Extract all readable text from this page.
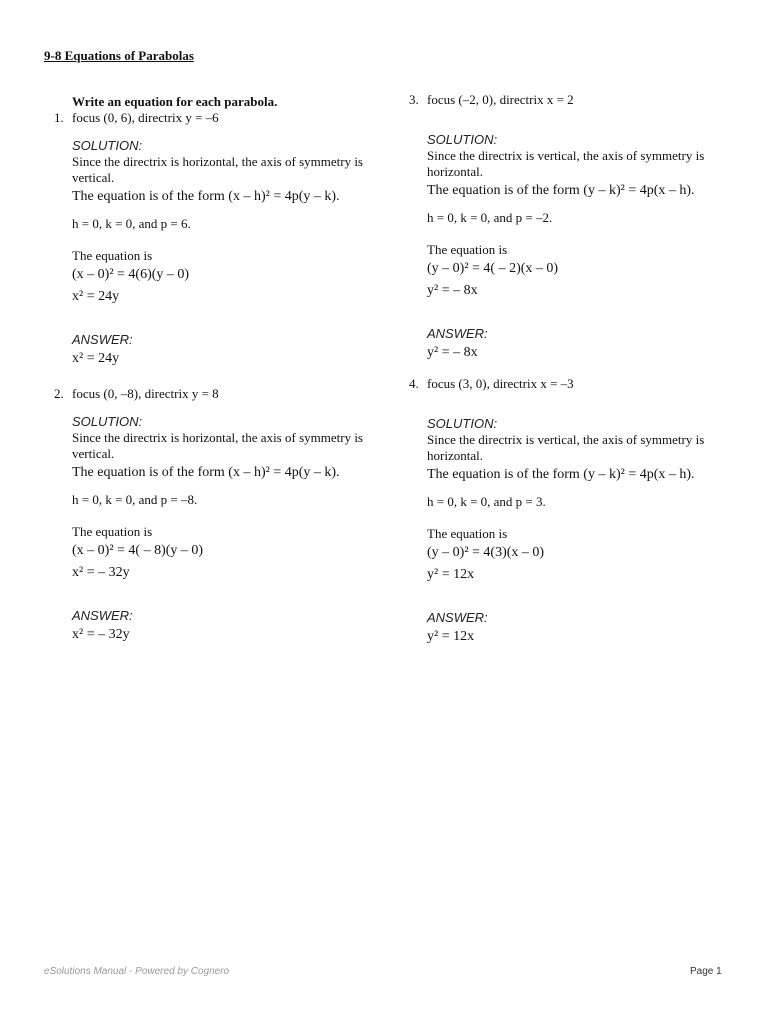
9-8 Equations of Parabolas
Write an equation for each parabola.
1. focus (0, 6), directrix y = –6
SOLUTION:
Since the directrix is horizontal, the axis of symmetry is vertical.
The equation is of the form (x – h)² = 4p(y – k).
h = 0, k = 0, and p = 6.
The equation is
(x – 0)² = 4(6)(y – 0)
x² = 24y
ANSWER:
x² = 24y
2. focus (0, –8), directrix y = 8
SOLUTION:
Since the directrix is horizontal, the axis of symmetry is vertical.
The equation is of the form (x – h)² = 4p(y – k).
h = 0, k = 0, and p = –8.
The equation is
(x – 0)² = 4( – 8)(y – 0)
x² = – 32y
ANSWER:
x² = – 32y
3. focus (–2, 0), directrix x = 2
SOLUTION:
Since the directrix is vertical, the axis of symmetry is horizontal.
The equation is of the form (y – k)² = 4p(x – h).
h = 0, k = 0, and p = –2.
The equation is
(y – 0)² = 4( – 2)(x – 0)
y² = – 8x
ANSWER:
y² = – 8x
4. focus (3, 0), directrix x = –3
SOLUTION:
Since the directrix is vertical, the axis of symmetry is horizontal.
The equation is of the form (y – k)² = 4p(x – h).
h = 0, k = 0, and p = 3.
The equation is
(y – 0)² = 4(3)(x – 0)
y² = 12x
ANSWER:
y² = 12x
eSolutions Manual - Powered by Cognero	Page 1
